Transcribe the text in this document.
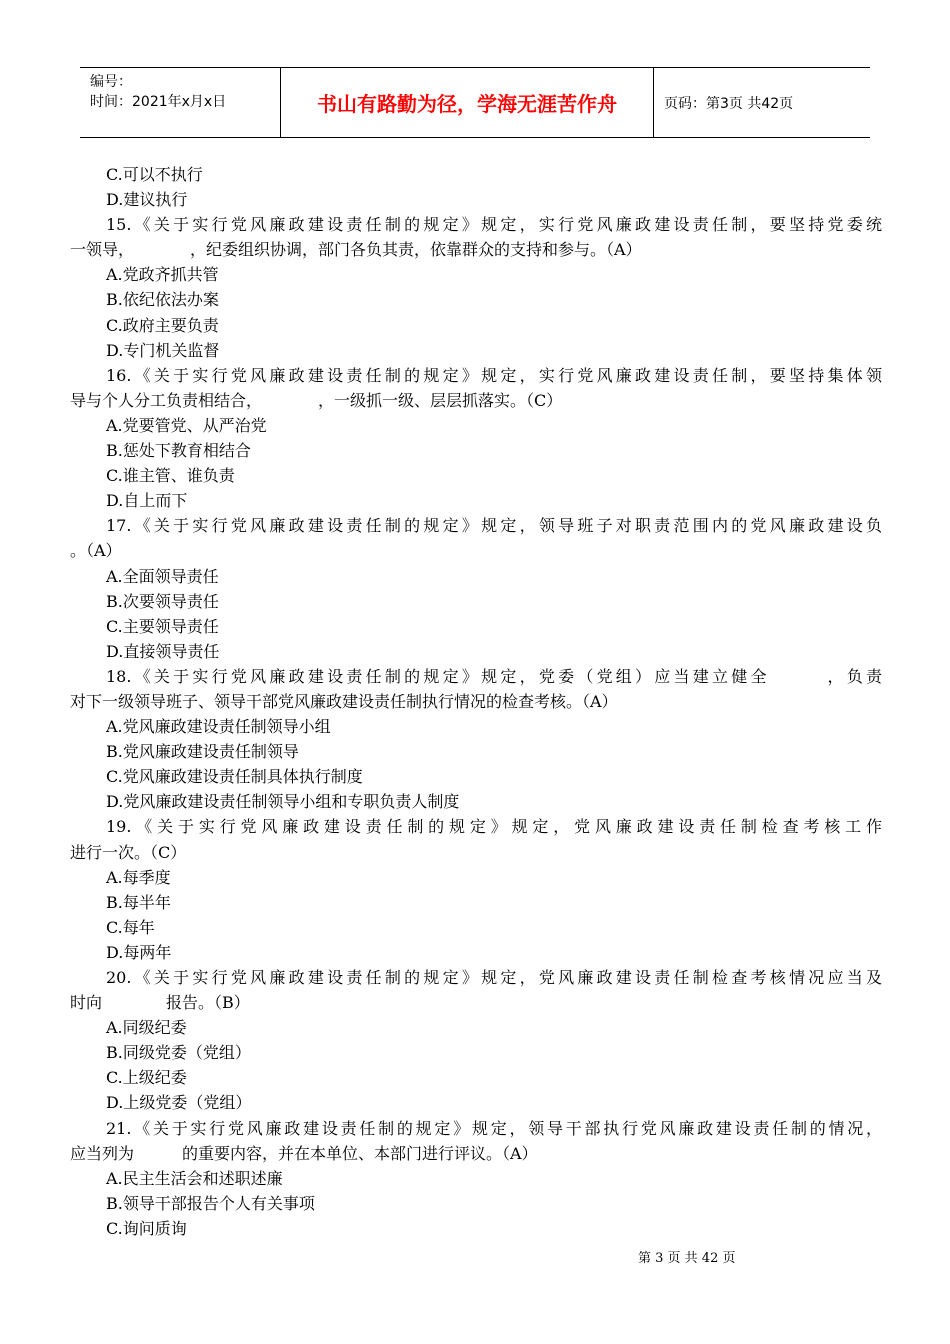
编号：
时间：2021年x月x日	书山有路勤为径，学海无涯苦作舟	页码：第3页 共42页
C.可以不执行
D.建议执行
15.《关于实行党风廉政建设责任制的规定》规定，实行党风廉政建设责任制，要坚持党委统
一领导，　　　　，纪委组织协调，部门各负其责，依靠群众的支持和参与。（A）
A.党政齐抓共管
B.依纪依法办案
C.政府主要负责
D.专门机关监督
16.《关于实行党风廉政建设责任制的规定》规定，实行党风廉政建设责任制，要坚持集体领
导与个人分工负责相结合，　　　　，一级抓一级、层层抓落实。（C）
A.党要管党、从严治党
B.惩处下教育相结合
C.谁主管、谁负责
D.自上而下
17.《关于实行党风廉政建设责任制的规定》规定，领导班子对职责范围内的党风廉政建设负
。（A）
A.全面领导责任
B.次要领导责任
C.主要领导责任
D.直接领导责任
18.《关于实行党风廉政建设责任制的规定》规定，党委（党组）应当建立健全　　　，负责
对下一级领导班子、领导干部党风廉政建设责任制执行情况的检查考核。（A）
A.党风廉政建设责任制领导小组
B.党风廉政建设责任制领导
C.党风廉政建设责任制具体执行制度
D.党风廉政建设责任制领导小组和专职负责人制度
19.《关于实行党风廉政建设责任制的规定》规定，党风廉政建设责任制检查考核工作
进行一次。（C）
A.每季度
B.每半年
C.每年
D.每两年
20.《关于实行党风廉政建设责任制的规定》规定，党风廉政建设责任制检查考核情况应当及
时向　　　　报告。（B）
A.同级纪委
B.同级党委（党组）
C.上级纪委
D.上级党委（党组）
21.《关于实行党风廉政建设责任制的规定》规定，领导干部执行党风廉政建设责任制的情况，
应当列为　　　的重要内容，并在本单位、本部门进行评议。（A）
A.民主生活会和述职述廉
B.领导干部报告个人有关事项
C.询问质询
第 3 页 共 42 页
